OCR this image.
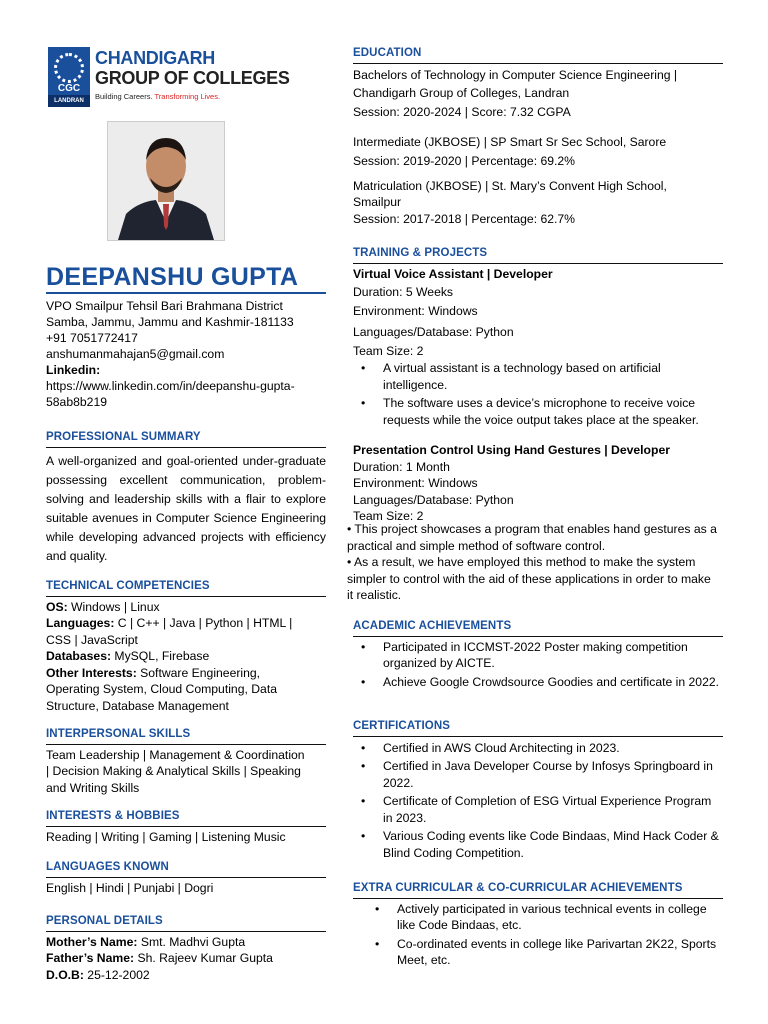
CGC
LANDRAN
CHANDIGARH
GROUP OF COLLEGES
Building Careers. Transforming Lives.
DEEPANSHU GUPTA
VPO Smailpur Tehsil Bari Brahmana District
Samba, Jammu, Jammu and Kashmir-181133
+91 7051772417
anshumanmahajan5@gmail.com
Linkedin:
https://www.linkedin.com/in/deepanshu-gupta-
58ab8b219
PROFESSIONAL SUMMARY

A well-organized and goal-oriented under-graduate possessing excellent communication, problem-solving and leadership skills with a flair to explore suitable avenues in Computer Science Engineering while developing advanced projects with efficiency and quality.

TECHNICAL COMPETENCIES
OS: Windows | Linux
Languages: C | C++ | Java | Python | HTML |
CSS | JavaScript
Databases: MySQL, Firebase
Other Interests: Software Engineering,
Operating System, Cloud Computing, Data
Structure, Database Management
INTERPERSONAL SKILLS
Team Leadership | Management & Coordination
| Decision Making & Analytical Skills | Speaking
and Writing Skills
INTERESTS & HOBBIES
Reading | Writing | Gaming | Listening Music
LANGUAGES KNOWN
English | Hindi | Punjabi | Dogri
PERSONAL DETAILS
Mother’s Name: Smt. Madhvi Gupta
Father’s Name: Sh. Rajeev Kumar Gupta
D.O.B: 25-12-2002
EDUCATION
Bachelors of Technology in Computer Science Engineering |
Chandigarh Group of Colleges, Landran
Session: 2020-2024 | Score: 7.32 CGPA
Intermediate (JKBOSE) | SP Smart Sr Sec School, Sarore
Session: 2019-2020 | Percentage: 69.2%
Matriculation (JKBOSE) | St. Mary’s Convent High School,
Smailpur
Session: 2017-2018 | Percentage: 62.7%
TRAINING & PROJECTS
Virtual Voice Assistant | Developer
Duration: 5 Weeks
Environment: Windows
Languages/Database: Python
Team Size: 2
• A virtual assistant is a technology based on artificial intelligence.
• The software uses a device’s microphone to receive voice requests while the voice output takes place at the speaker.
Presentation Control Using Hand Gestures | Developer
Duration: 1 Month
Environment: Windows
Languages/Database: Python
Team Size: 2
• This project showcases a program that enables hand gestures as a practical and simple method of software control.
• As a result, we have employed this method to make the system simpler to control with the aid of these applications in order to make it realistic.
ACADEMIC ACHIEVEMENTS
• Participated in ICCMST-2022 Poster making competition organized by AICTE.
• Achieve Google Crowdsource Goodies and certificate in 2022.
CERTIFICATIONS
• Certified in AWS Cloud Architecting in 2023.
• Certified in Java Developer Course by Infosys Springboard in 2022.
• Certificate of Completion of ESG Virtual Experience Program in 2023.
• Various Coding events like Code Bindaas, Mind Hack Coder & Blind Coding Competition.
EXTRA CURRICULAR & CO-CURRICULAR ACHIEVEMENTS
• Actively participated in various technical events in college like Code Bindaas, etc.
• Co-ordinated events in college like Parivartan 2K22, Sports Meet, etc.
